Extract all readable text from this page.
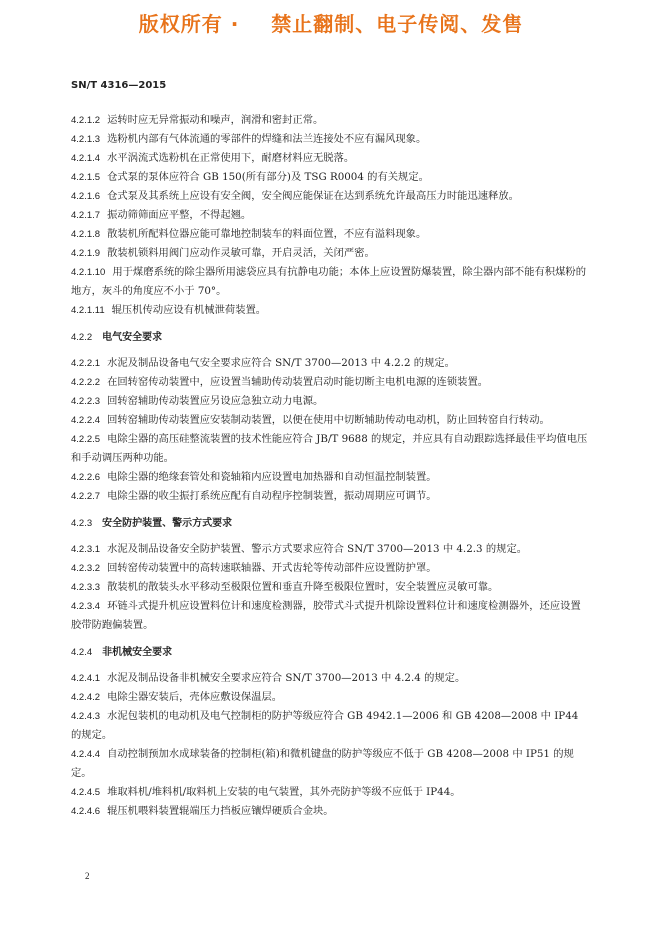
版权所有 ·    禁止翻制、电子传阅、发售
SN/T 4316—2015
4.2.1.2 运转时应无异常振动和噪声，润滑和密封正常。
4.2.1.3 选粉机内部有气体流通的零部件的焊缝和法兰连接处不应有漏风现象。
4.2.1.4 水平涡流式选粉机在正常使用下，耐磨材料应无脱落。
4.2.1.5 仓式泵的泵体应符合 GB 150(所有部分)及 TSG R0004 的有关规定。
4.2.1.6 仓式泵及其系统上应设有安全阀，安全阀应能保证在达到系统允许最高压力时能迅速释放。
4.2.1.7 振动筛筛面应平整，不得起翘。
4.2.1.8 散装机所配料位器应能可靠地控制装车的料面位置，不应有溢料现象。
4.2.1.9 散装机锁料用阀门应动作灵敏可靠，开启灵活，关闭严密。
4.2.1.10 用于煤磨系统的除尘器所用滤袋应具有抗静电功能；本体上应设置防爆装置，除尘器内部不能有积煤粉的地方，灰斗的角度应不小于 70°。
4.2.1.11 辊压机传动应设有机械泄荷装置。
4.2.2 电气安全要求
4.2.2.1 水泥及制品设备电气安全要求应符合 SN/T 3700—2013 中 4.2.2 的规定。
4.2.2.2 在回转窑传动装置中，应设置当辅助传动装置启动时能切断主电机电源的连锁装置。
4.2.2.3 回转窑辅助传动装置应另设应急独立动力电源。
4.2.2.4 回转窑辅助传动装置应安装制动装置，以便在使用中切断辅助传动电动机，防止回转窑自行转动。
4.2.2.5 电除尘器的高压硅整流装置的技术性能应符合 JB/T 9688 的规定，并应具有自动跟踪选择最佳平均值电压和手动调压两种功能。
4.2.2.6 电除尘器的绝缘套管处和瓷轴箱内应设置电加热器和自动恒温控制装置。
4.2.2.7 电除尘器的收尘振打系统应配有自动程序控制装置，振动周期应可调节。
4.2.3 安全防护装置、警示方式要求
4.2.3.1 水泥及制品设备安全防护装置、警示方式要求应符合 SN/T 3700—2013 中 4.2.3 的规定。
4.2.3.2 回转窑传动装置中的高转速联轴器、开式齿轮等传动部件应设置防护罩。
4.2.3.3 散装机的散装头水平移动至极限位置和垂直升降至极限位置时，安全装置应灵敏可靠。
4.2.3.4 环链斗式提升机应设置料位计和速度检测器，胶带式斗式提升机除设置料位计和速度检测器外，还应设置胶带防跑偏装置。
4.2.4 非机械安全要求
4.2.4.1 水泥及制品设备非机械安全要求应符合 SN/T 3700—2013 中 4.2.4 的规定。
4.2.4.2 电除尘器安装后，壳体应敷设保温层。
4.2.4.3 水泥包装机的电动机及电气控制柜的防护等级应符合 GB 4942.1—2006 和 GB 4208—2008 中 IP44 的规定。
4.2.4.4 自动控制预加水成球装备的控制柜(箱)和微机键盘的防护等级应不低于 GB 4208—2008 中 IP51 的规定。
4.2.4.5 堆取料机/堆料机/取料机上安装的电气装置，其外壳防护等级不应低于 IP44。
4.2.4.6 辊压机喂料装置辊端压力挡板应镶焊硬质合金块。
2
